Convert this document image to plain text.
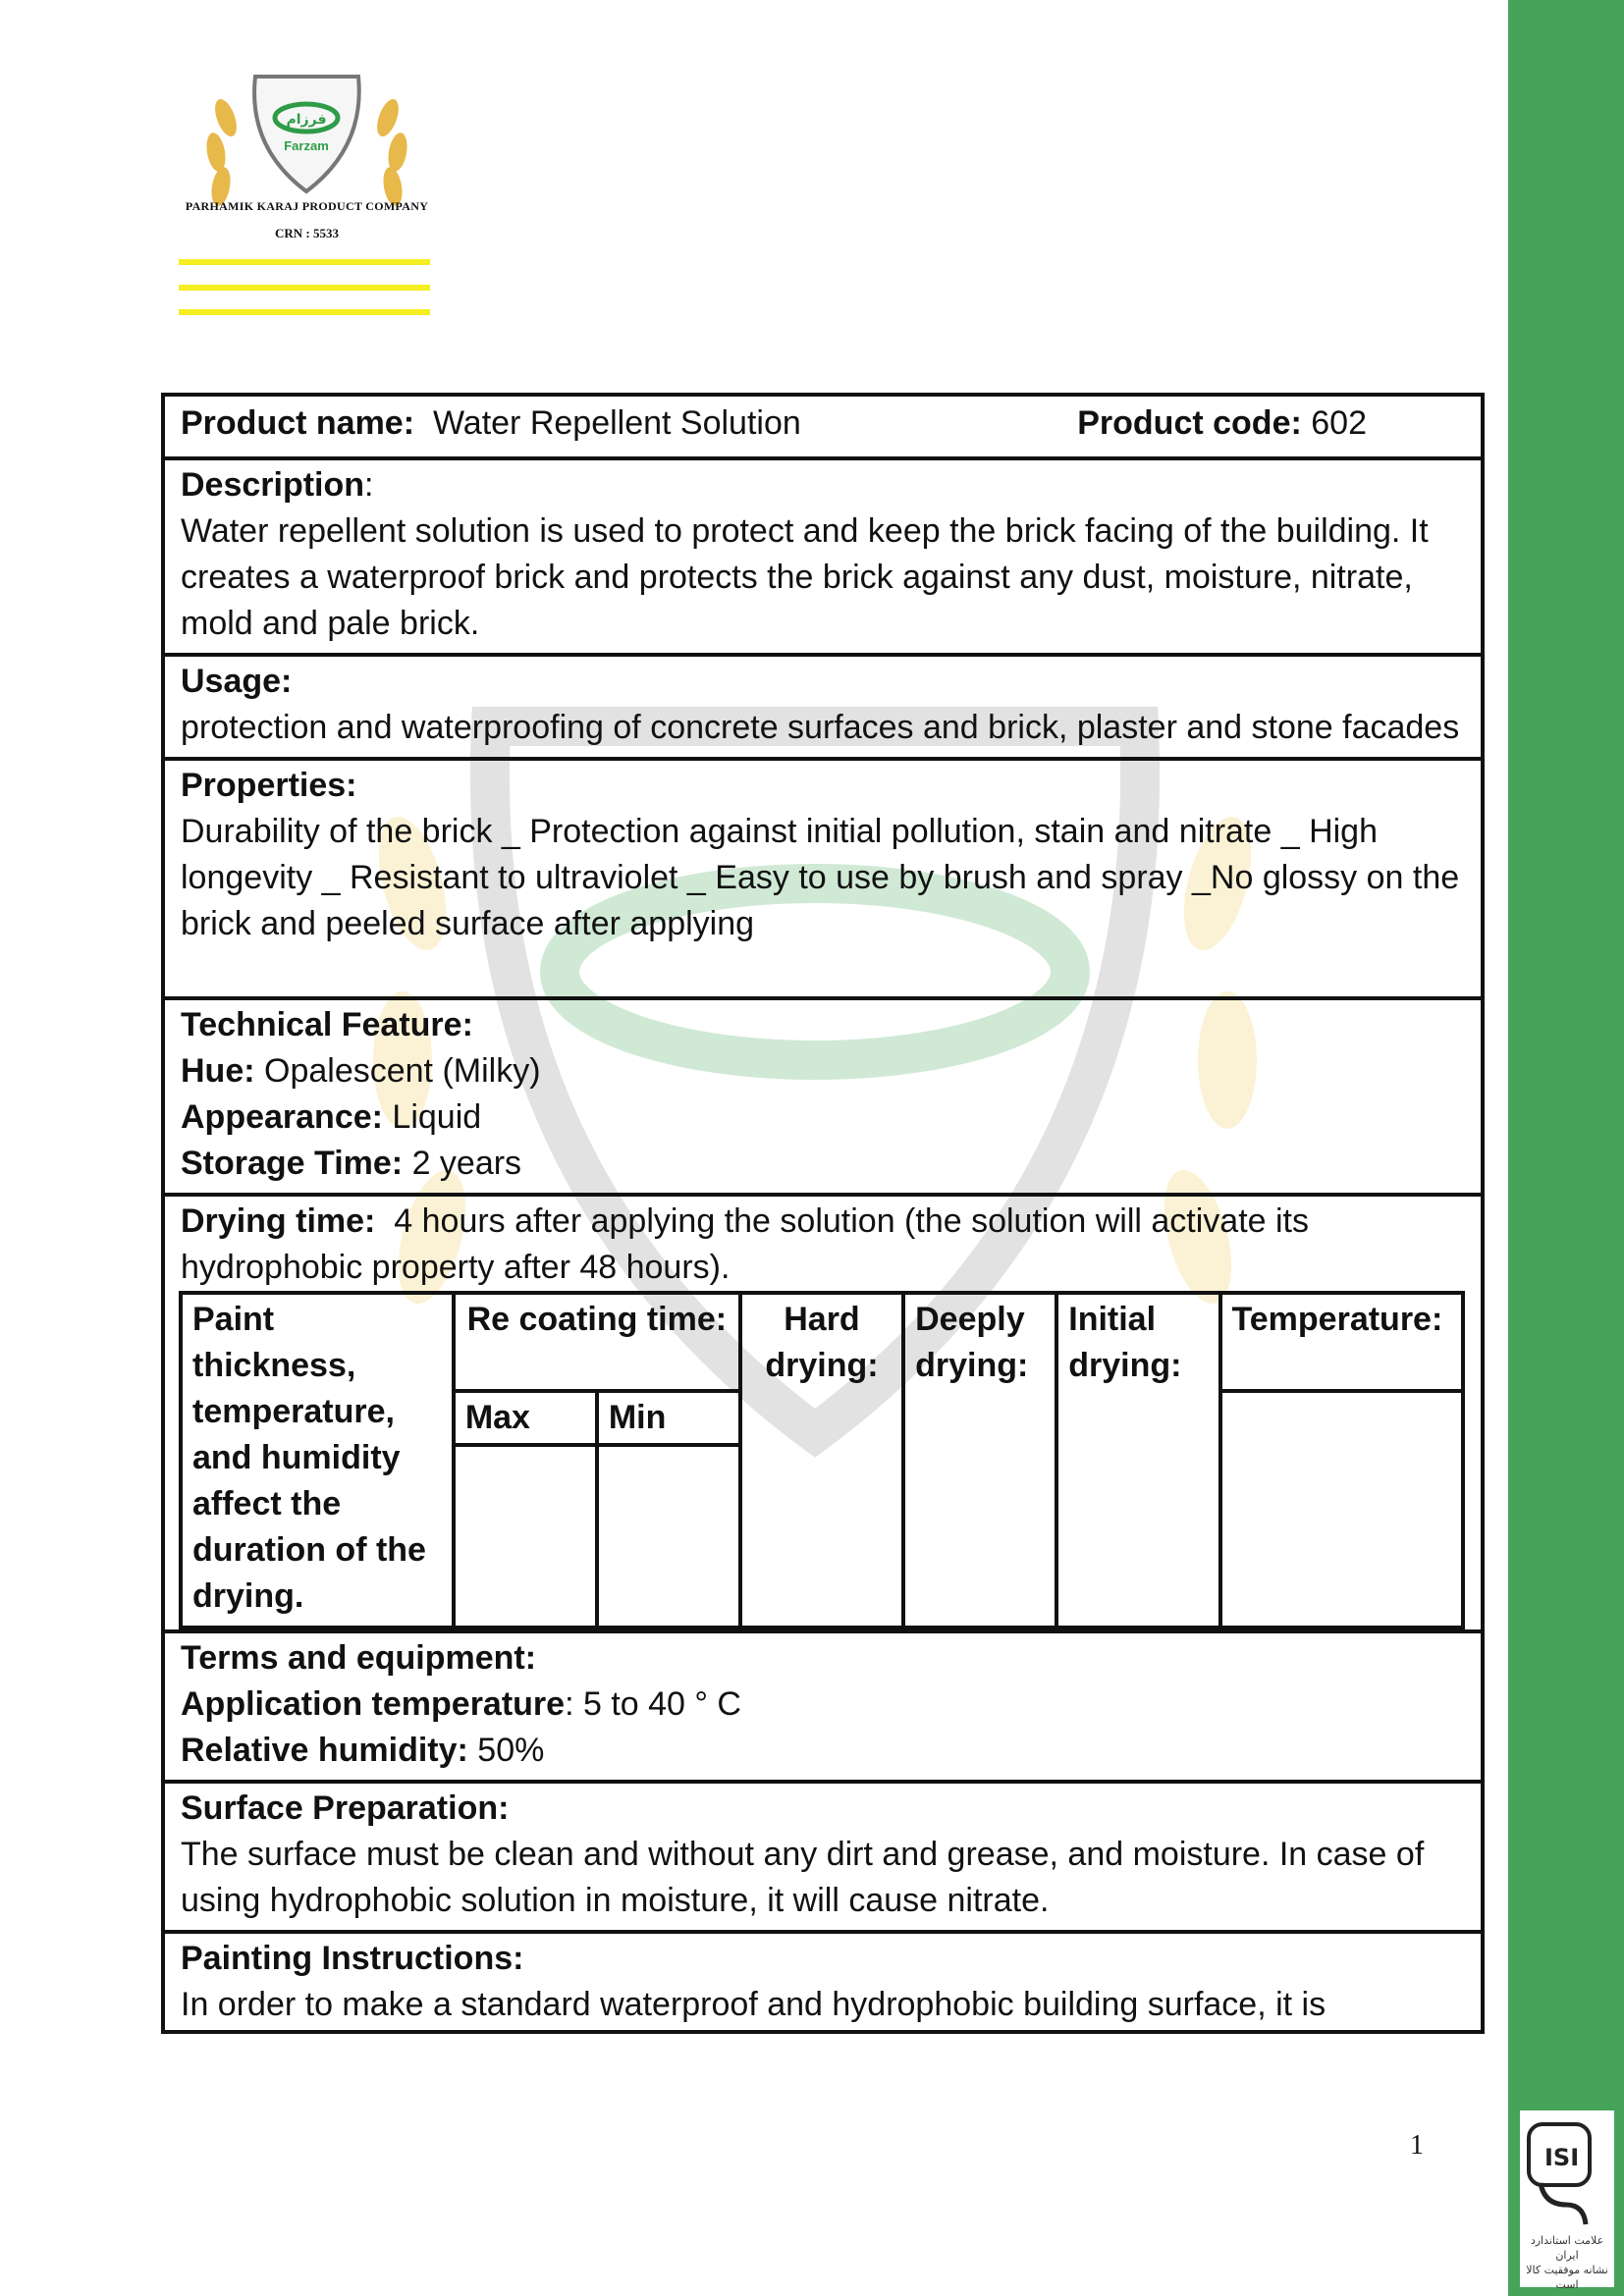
ISI
علامت استاندارد ایران
نشانه موفقیت کالا است
فرزام
Farzam
PARHAMIK KARAJ PRODUCT COMPANY
CRN : 5533
Product name: Water Repellent Solution	Product code: 602
Description:
Water repellent solution is used to protect and keep the brick facing of the building. It creates a waterproof brick and protects the brick against any dust, moisture, nitrate, mold and pale brick.
Usage:
protection and waterproofing of concrete surfaces and brick, plaster and stone facades
Properties:
Durability of the brick _ Protection against initial pollution, stain and nitrate _ High longevity _ Resistant to ultraviolet _ Easy to use by brush and spray _No glossy on the brick and peeled surface after applying
Technical Feature:
Hue: Opalescent (Milky)
Appearance: Liquid
Storage Time: 2 years
Drying time: 4 hours after applying the solution (the solution will activate its hydrophobic property after 48 hours).
Paint thickness, temperature, and humidity affect the duration of the drying.	Re coating time:		Hard drying:	Deeply drying:	Initial drying:	Temperature:
	Max	Min				

Terms and equipment:
Application temperature: 5 to 40 ° C
Relative humidity: 50%
Surface Preparation:
The surface must be clean and without any dirt and grease, and moisture. In case of using hydrophobic solution in moisture, it will cause nitrate.
Painting Instructions:
In order to make a standard waterproof and hydrophobic building surface, it is
1
